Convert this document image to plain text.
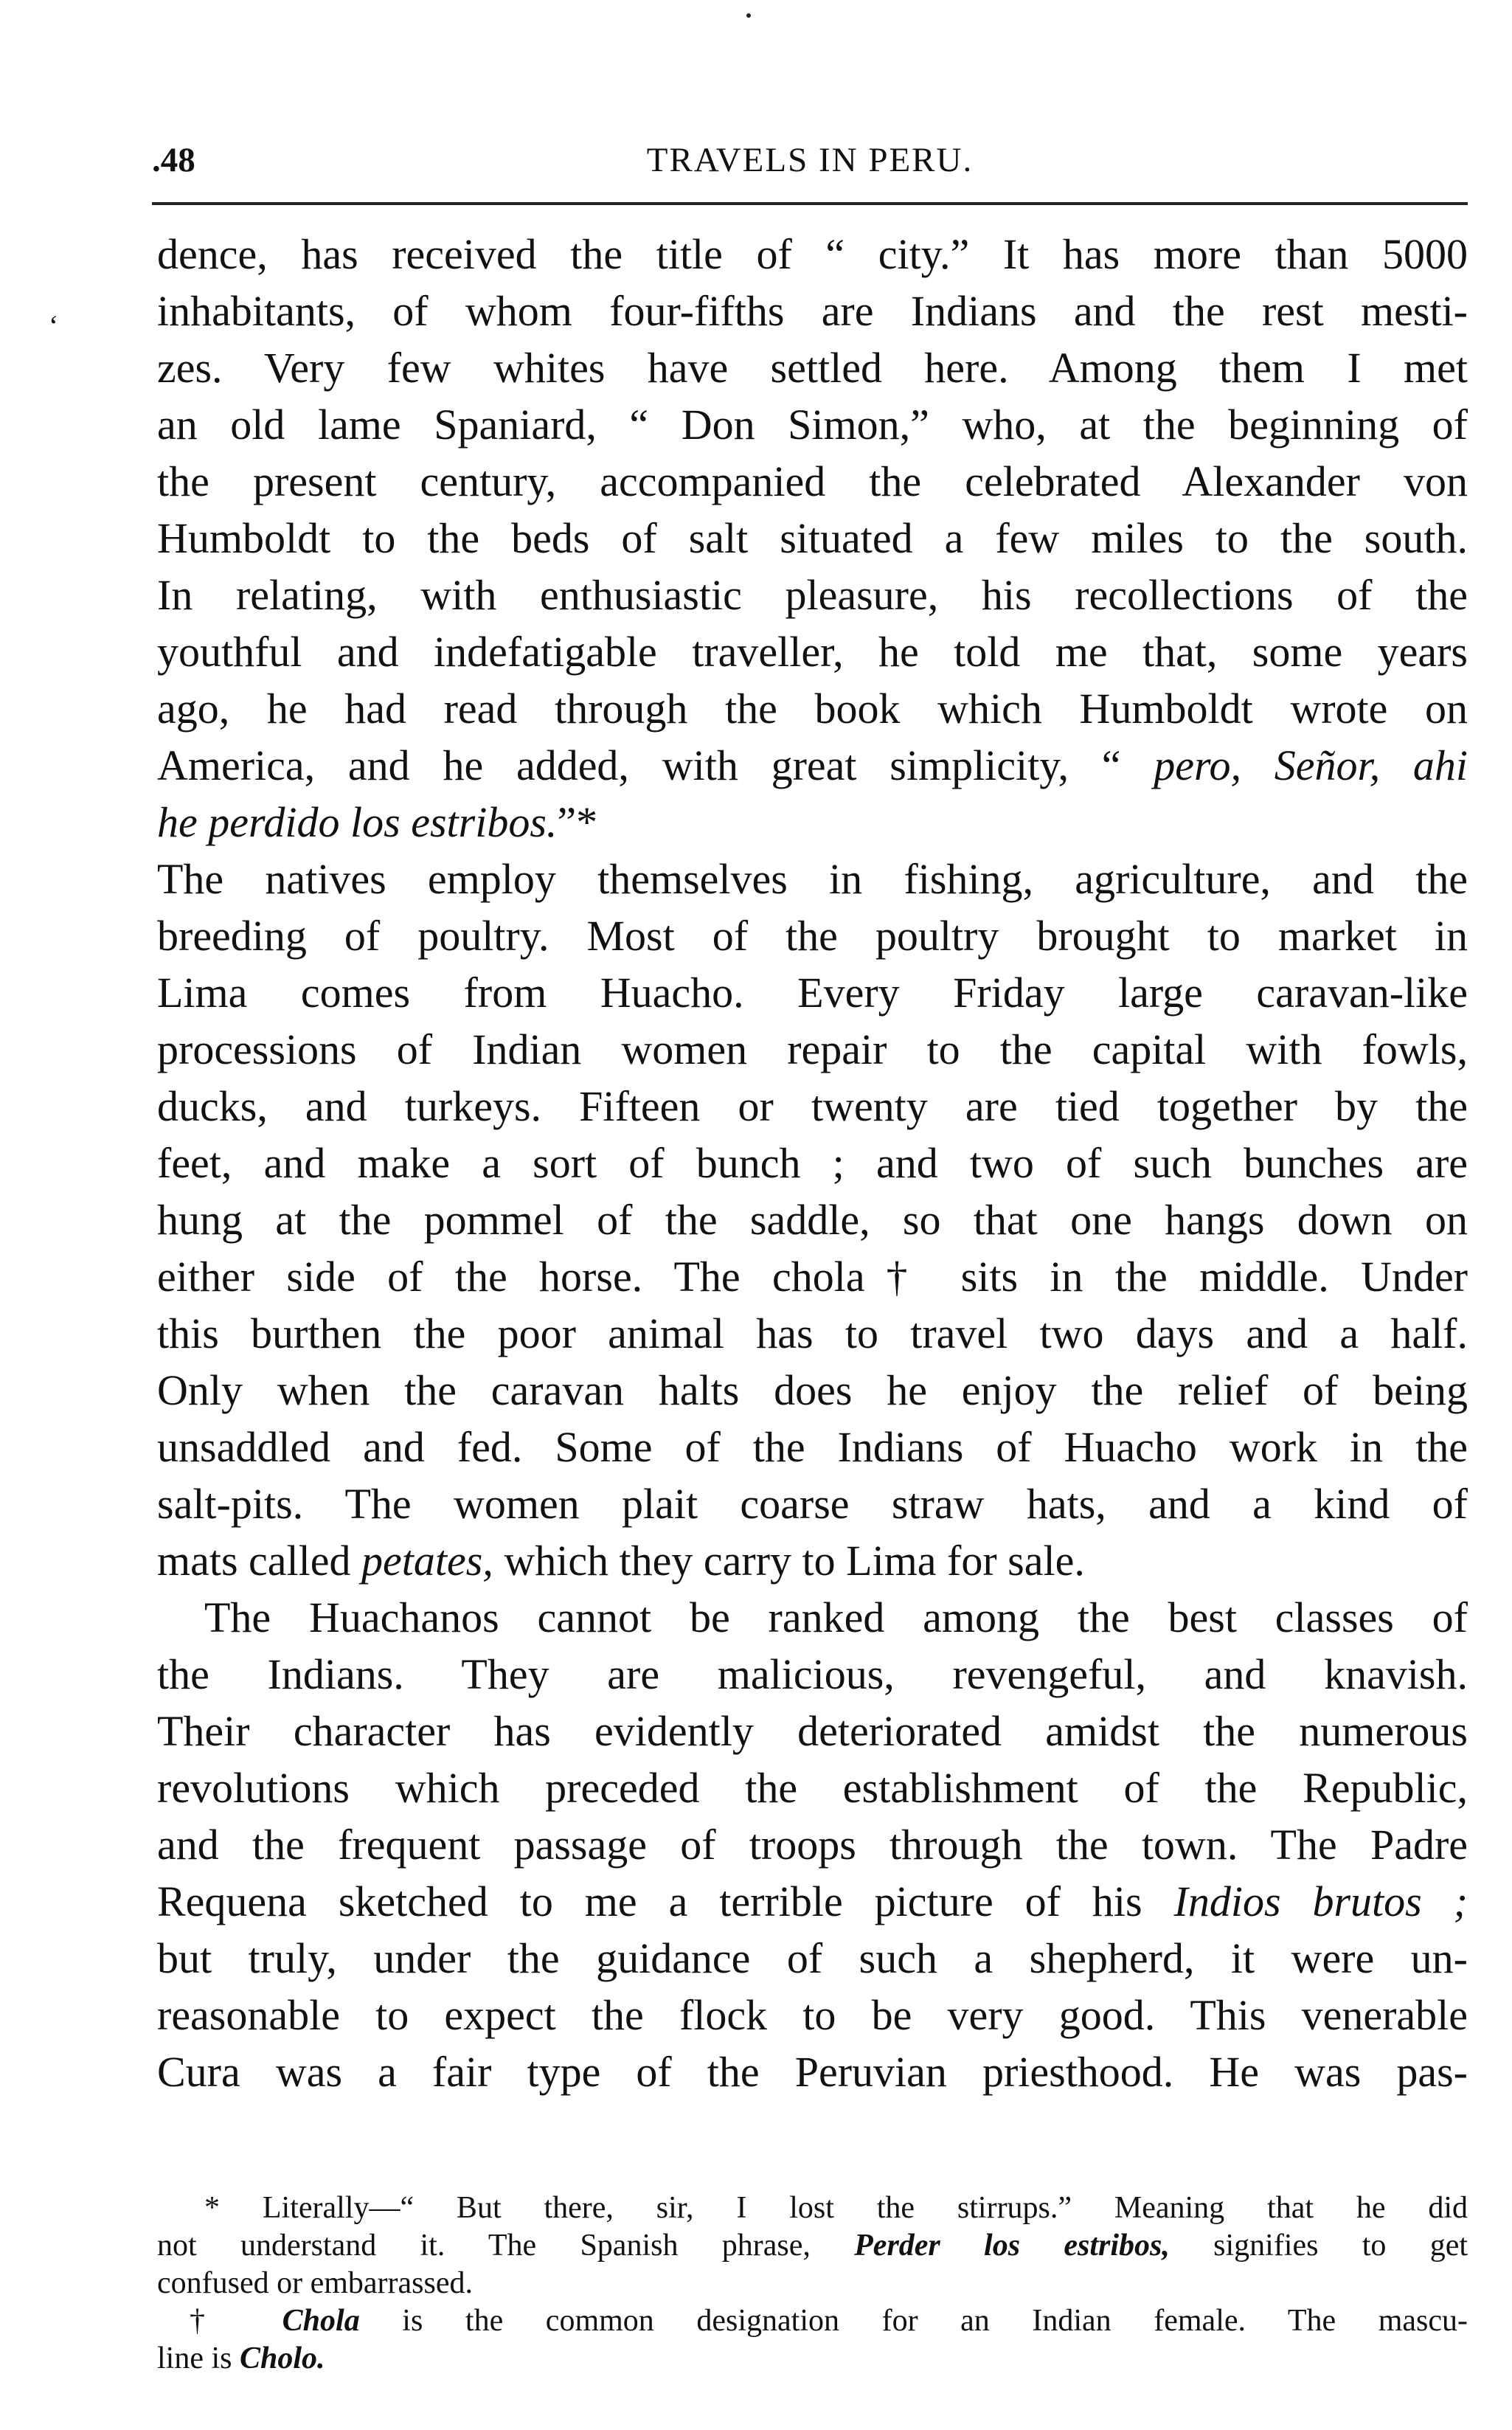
‘
.48	TRAVELS IN PERU.
dence, has received the title of “ city.” It has more than 5000
inhabitants, of whom four-fifths are Indians and the rest mesti-
zes. Very few whites have settled here. Among them I met
an old lame Spaniard, “ Don Simon,” who, at the beginning of
the present century, accompanied the celebrated Alexander von
Humboldt to the beds of salt situated a few miles to the south.
In relating, with enthusiastic pleasure, his recollections of the
youthful and indefatigable traveller, he told me that, some years
ago, he had read through the book which Humboldt wrote on
America, and he added, with great simplicity, “ pero, Señor, ahi
he perdido los estribos.”*
The natives employ themselves in fishing, agriculture, and the
breeding of poultry. Most of the poultry brought to market in
Lima comes from Huacho. Every Friday large caravan-like
processions of Indian women repair to the capital with fowls,
ducks, and turkeys. Fifteen or twenty are tied together by the
feet, and make a sort of bunch ; and two of such bunches are
hung at the pommel of the saddle, so that one hangs down on
either side of the horse. The chola† sits in the middle. Under
this burthen the poor animal has to travel two days and a half.
Only when the caravan halts does he enjoy the relief of being
unsaddled and fed. Some of the Indians of Huacho work in the
salt-pits. The women plait coarse straw hats, and a kind of
mats called petates, which they carry to Lima for sale.
The Huachanos cannot be ranked among the best classes of
the Indians. They are malicious, revengeful, and knavish.
Their character has evidently deteriorated amidst the numerous
revolutions which preceded the establishment of the Republic,
and the frequent passage of troops through the town. The Padre
Requena sketched to me a terrible picture of his Indios brutos ;
but truly, under the guidance of such a shepherd, it were un-
reasonable to expect the flock to be very good. This venerable
Cura was a fair type of the Peruvian priesthood. He was pas-
* Literally—“ But there, sir, I lost the stirrups.” Meaning that he did
not understand it. The Spanish phrase, Perder los estribos, signifies to get
confused or embarrassed.
† Chola is the common designation for an Indian female. The mascu-
line is Cholo.
